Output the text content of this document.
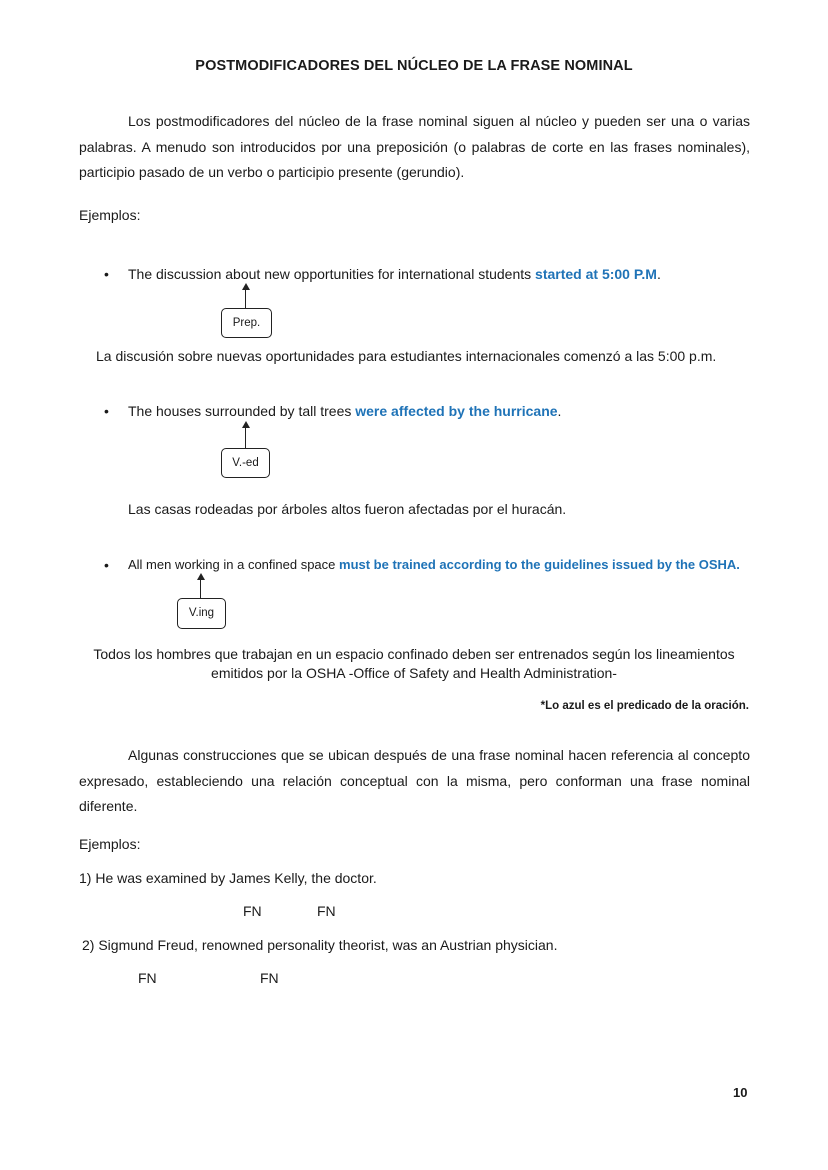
POSTMODIFICADORES DEL NÚCLEO DE LA FRASE NOMINAL
Los postmodificadores del núcleo de la frase nominal siguen al núcleo y pueden ser una o varias palabras. A menudo son introducidos por una preposición (o palabras de corte en las frases nominales), participio pasado de un verbo o participio presente (gerundio).
Ejemplos:
• The discussion about new opportunities for international students started at 5:00 P.M.
Prep.
La discusión sobre nuevas oportunidades para estudiantes internacionales comenzó a las 5:00 p.m.
• The houses surrounded by tall trees were affected by the hurricane.
V.-ed
Las casas rodeadas por árboles altos fueron afectadas por el huracán.
• All men working in a confined space must be trained according to the guidelines issued by the OSHA.
V.ing
Todos los hombres que trabajan en un espacio confinado deben ser entrenados según los lineamientos
emitidos por la OSHA -Office of Safety and Health Administration-
*Lo azul es el predicado de la oración.
Algunas construcciones que se ubican después de una frase nominal hacen referencia al concepto expresado, estableciendo una relación conceptual con la misma, pero conforman una frase nominal diferente.
Ejemplos:
1) He was examined by James Kelly, the doctor.
FN	FN
2) Sigmund Freud, renowned personality theorist, was an Austrian physician.
FN	FN
10
